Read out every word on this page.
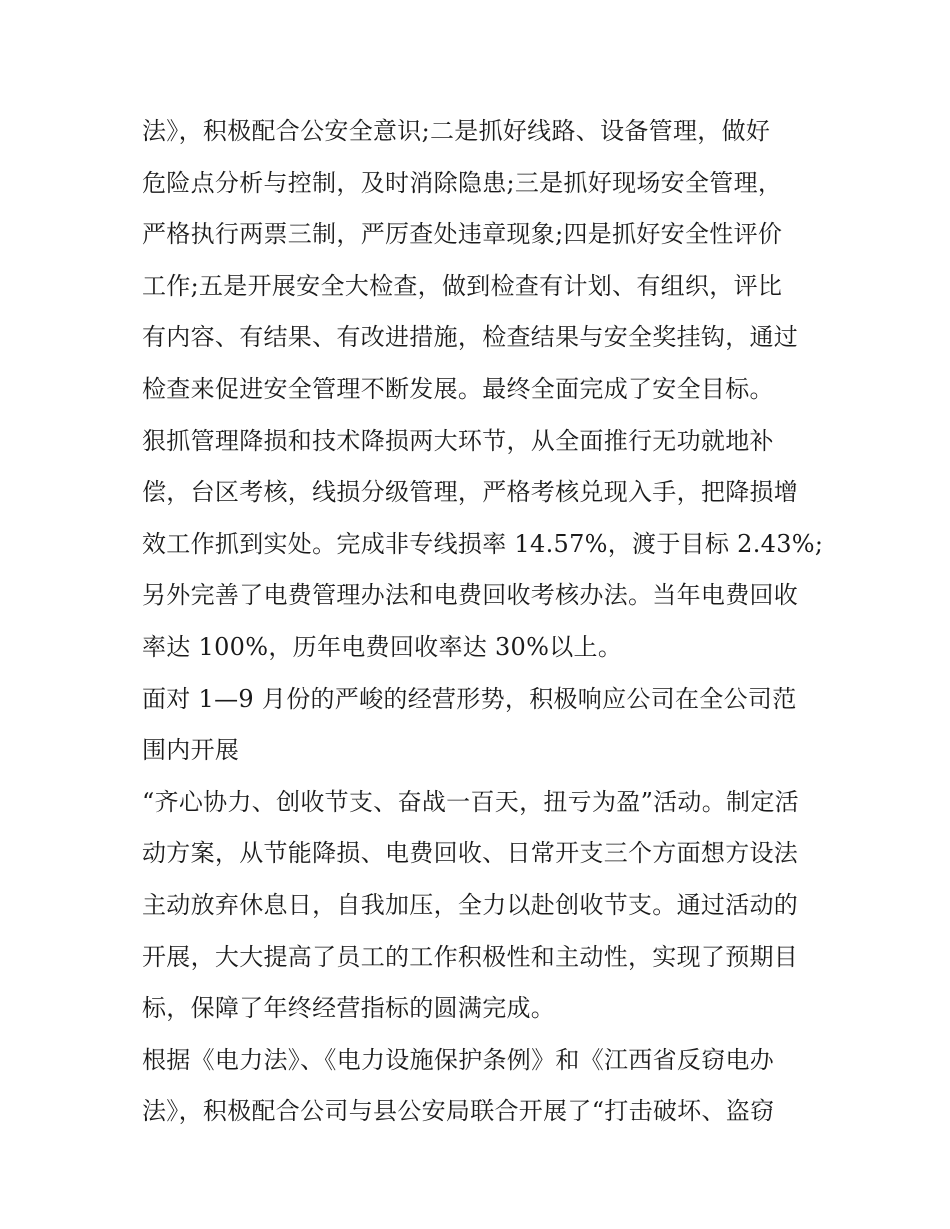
法》，积极配合公安全意识;二是抓好线路、设备管理，做好
危险点分析与控制，及时消除隐患;三是抓好现场安全管理，
严格执行两票三制，严厉查处违章现象;四是抓好安全性评价
工作;五是开展安全大检查，做到检查有计划、有组织，评比
有内容、有结果、有改进措施，检查结果与安全奖挂钩，通过
检查来促进安全管理不断发展。最终全面完成了安全目标。
狠抓管理降损和技术降损两大环节，从全面推行无功就地补
偿，台区考核，线损分级管理，严格考核兑现入手，把降损增
效工作抓到实处。完成非专线损率 14.57%，渡于目标 2.43%;
另外完善了电费管理办法和电费回收考核办法。当年电费回收
率达 100%，历年电费回收率达 30%以上。
面对 1—9 月份的严峻的经营形势，积极响应公司在全公司范
围内开展
“齐心协力、创收节支、奋战一百天，扭亏为盈”活动。制定活
动方案，从节能降损、电费回收、日常开支三个方面想方设法
主动放弃休息日，自我加压，全力以赴创收节支。通过活动的
开展，大大提高了员工的工作积极性和主动性，实现了预期目
标，保障了年终经营指标的圆满完成。
根据《电力法》、《电力设施保护条例》和《江西省反窃电办
法》，积极配合公司与县公安局联合开展了“打击破坏、盗窃
